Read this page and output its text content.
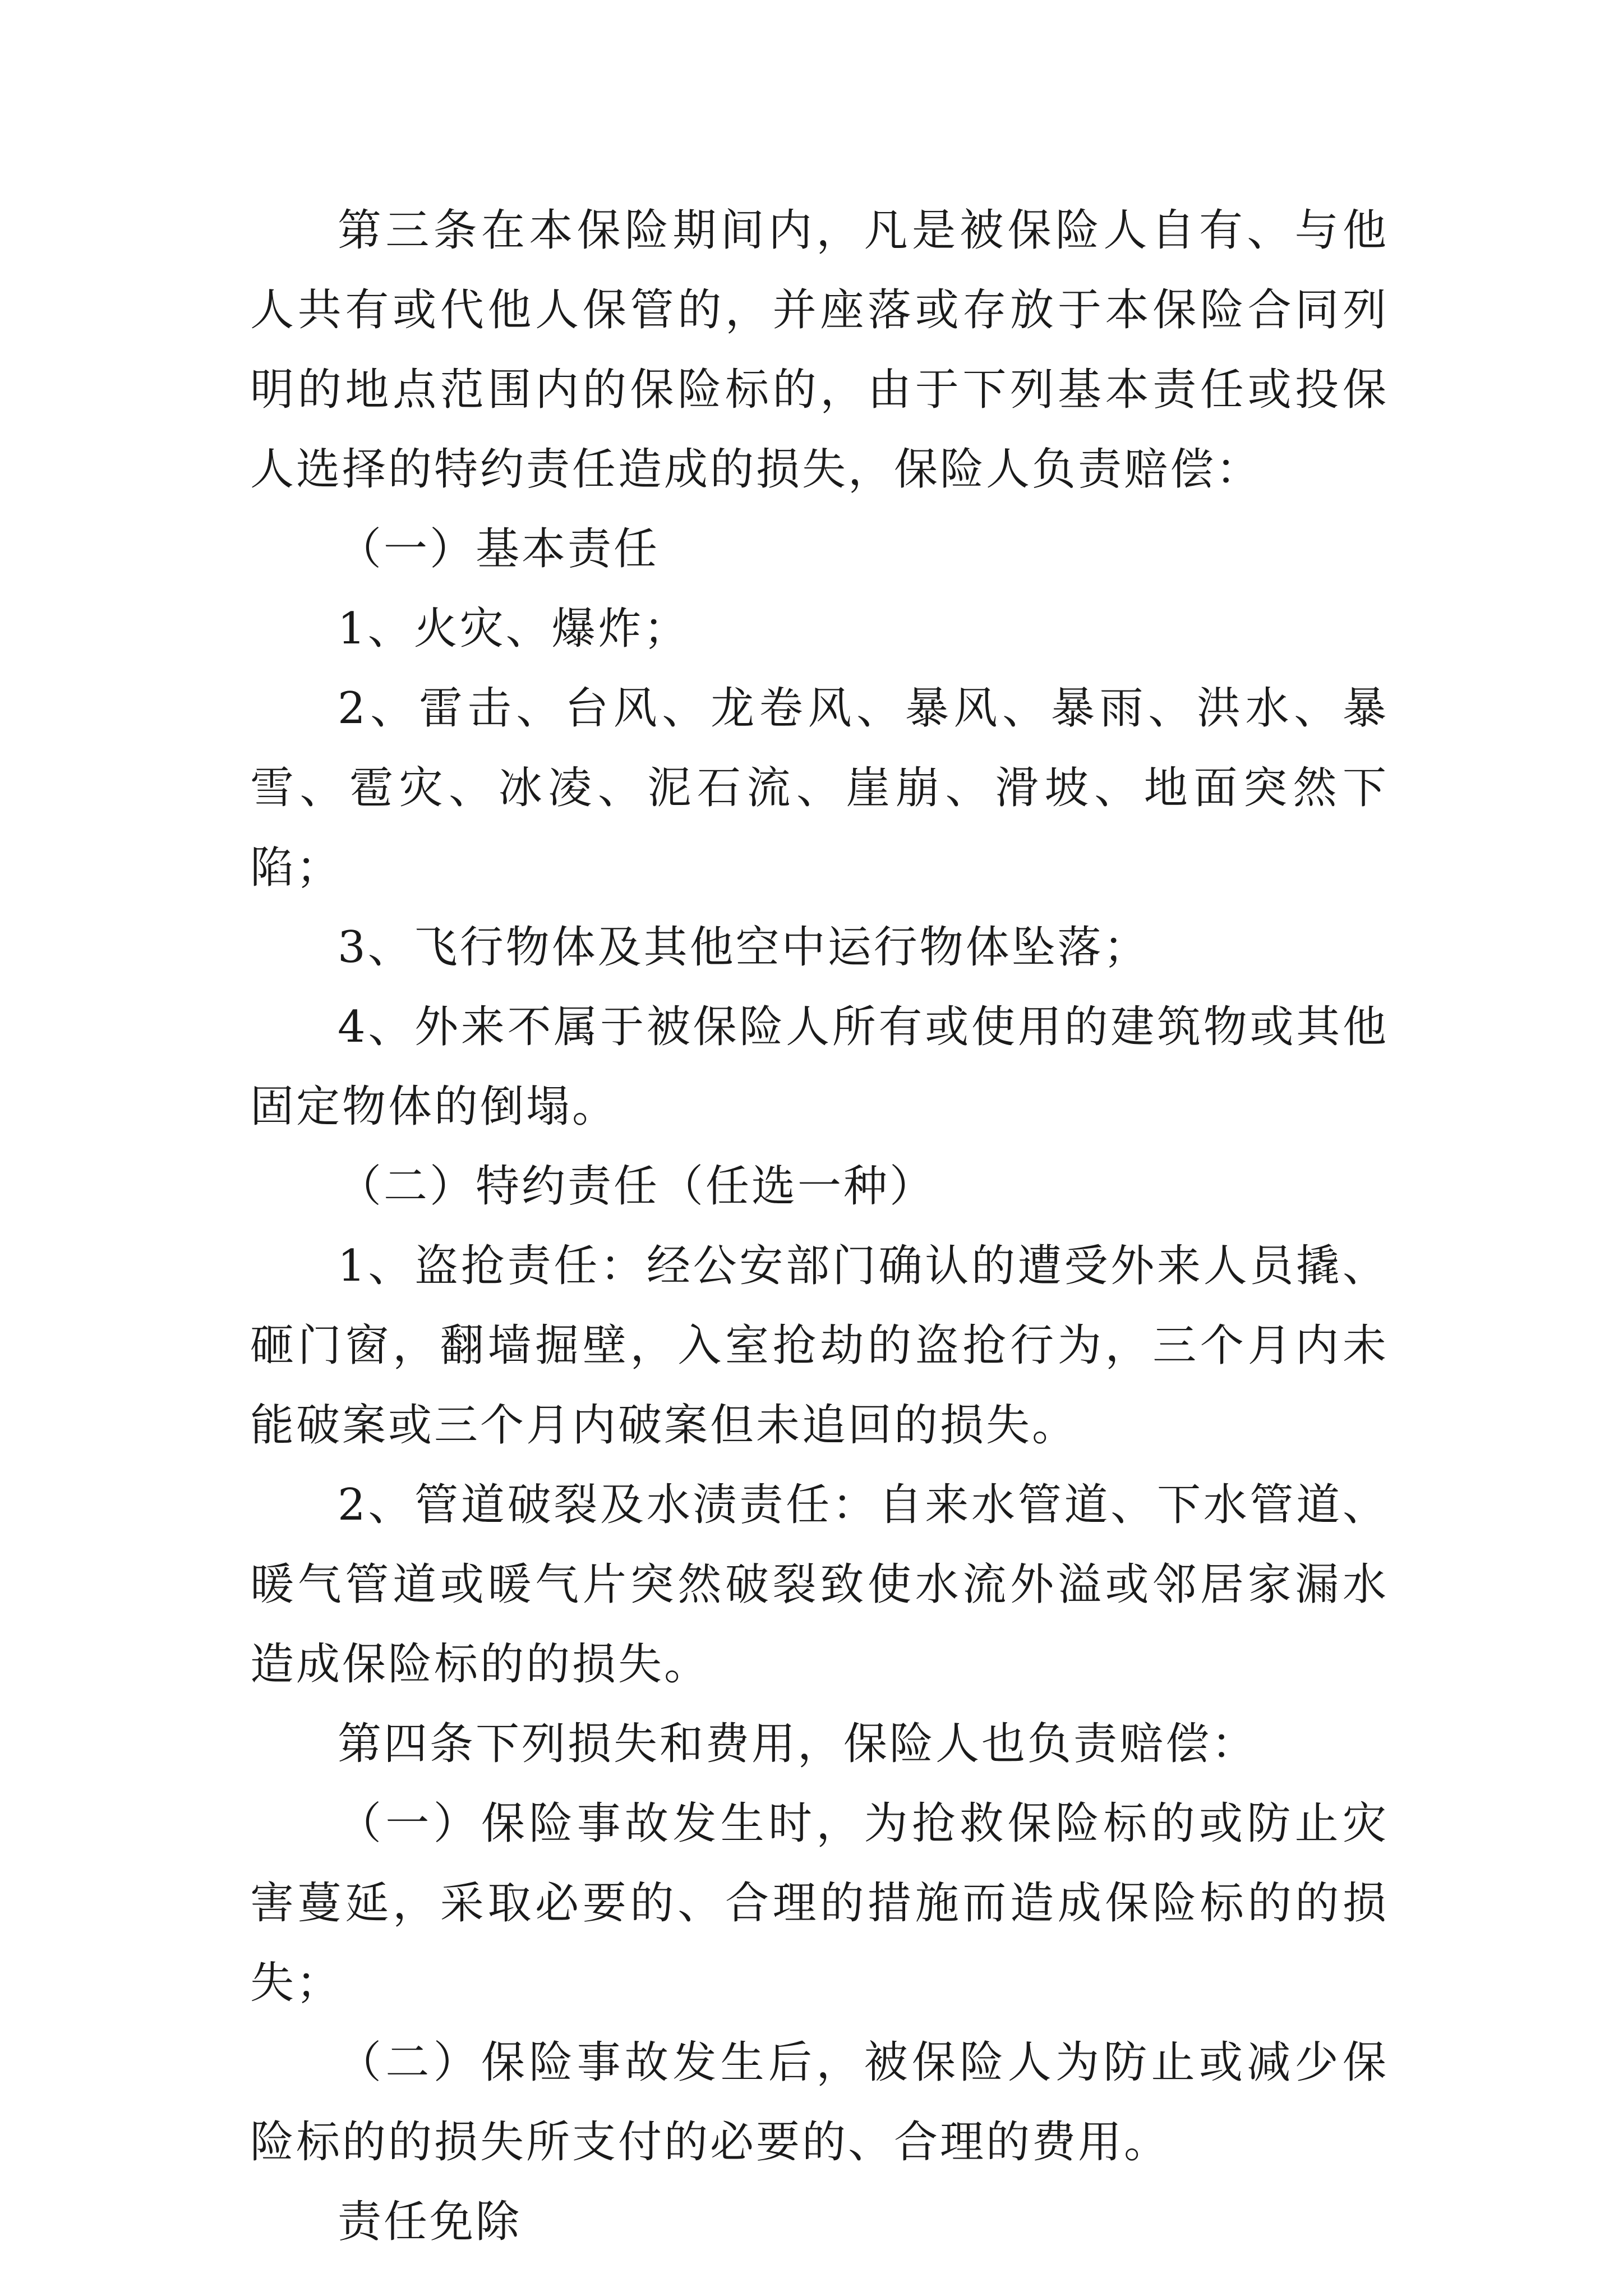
第三条在本保险期间内，凡是被保险人自有、与他人共有或代他人保管的，并座落或存放于本保险合同列明的地点范围内的保险标的，由于下列基本责任或投保人选择的特约责任造成的损失，保险人负责赔偿：

（一）基本责任

1、火灾、爆炸；

2、雷击、台风、龙卷风、暴风、暴雨、洪水、暴雪、雹灾、冰凌、泥石流、崖崩、滑坡、地面突然下陷；

3、飞行物体及其他空中运行物体坠落；

4、外来不属于被保险人所有或使用的建筑物或其他固定物体的倒塌。

（二）特约责任（任选一种）

1、盗抢责任：经公安部门确认的遭受外来人员撬、砸门窗，翻墙掘壁，入室抢劫的盗抢行为，三个月内未能破案或三个月内破案但未追回的损失。

2、管道破裂及水渍责任：自来水管道、下水管道、暖气管道或暖气片突然破裂致使水流外溢或邻居家漏水造成保险标的的损失。

第四条下列损失和费用，保险人也负责赔偿：

（一）保险事故发生时，为抢救保险标的或防止灾害蔓延，采取必要的、合理的措施而造成保险标的的损失；

（二）保险事故发生后，被保险人为防止或减少保险标的的损失所支付的必要的、合理的费用。

责任免除
